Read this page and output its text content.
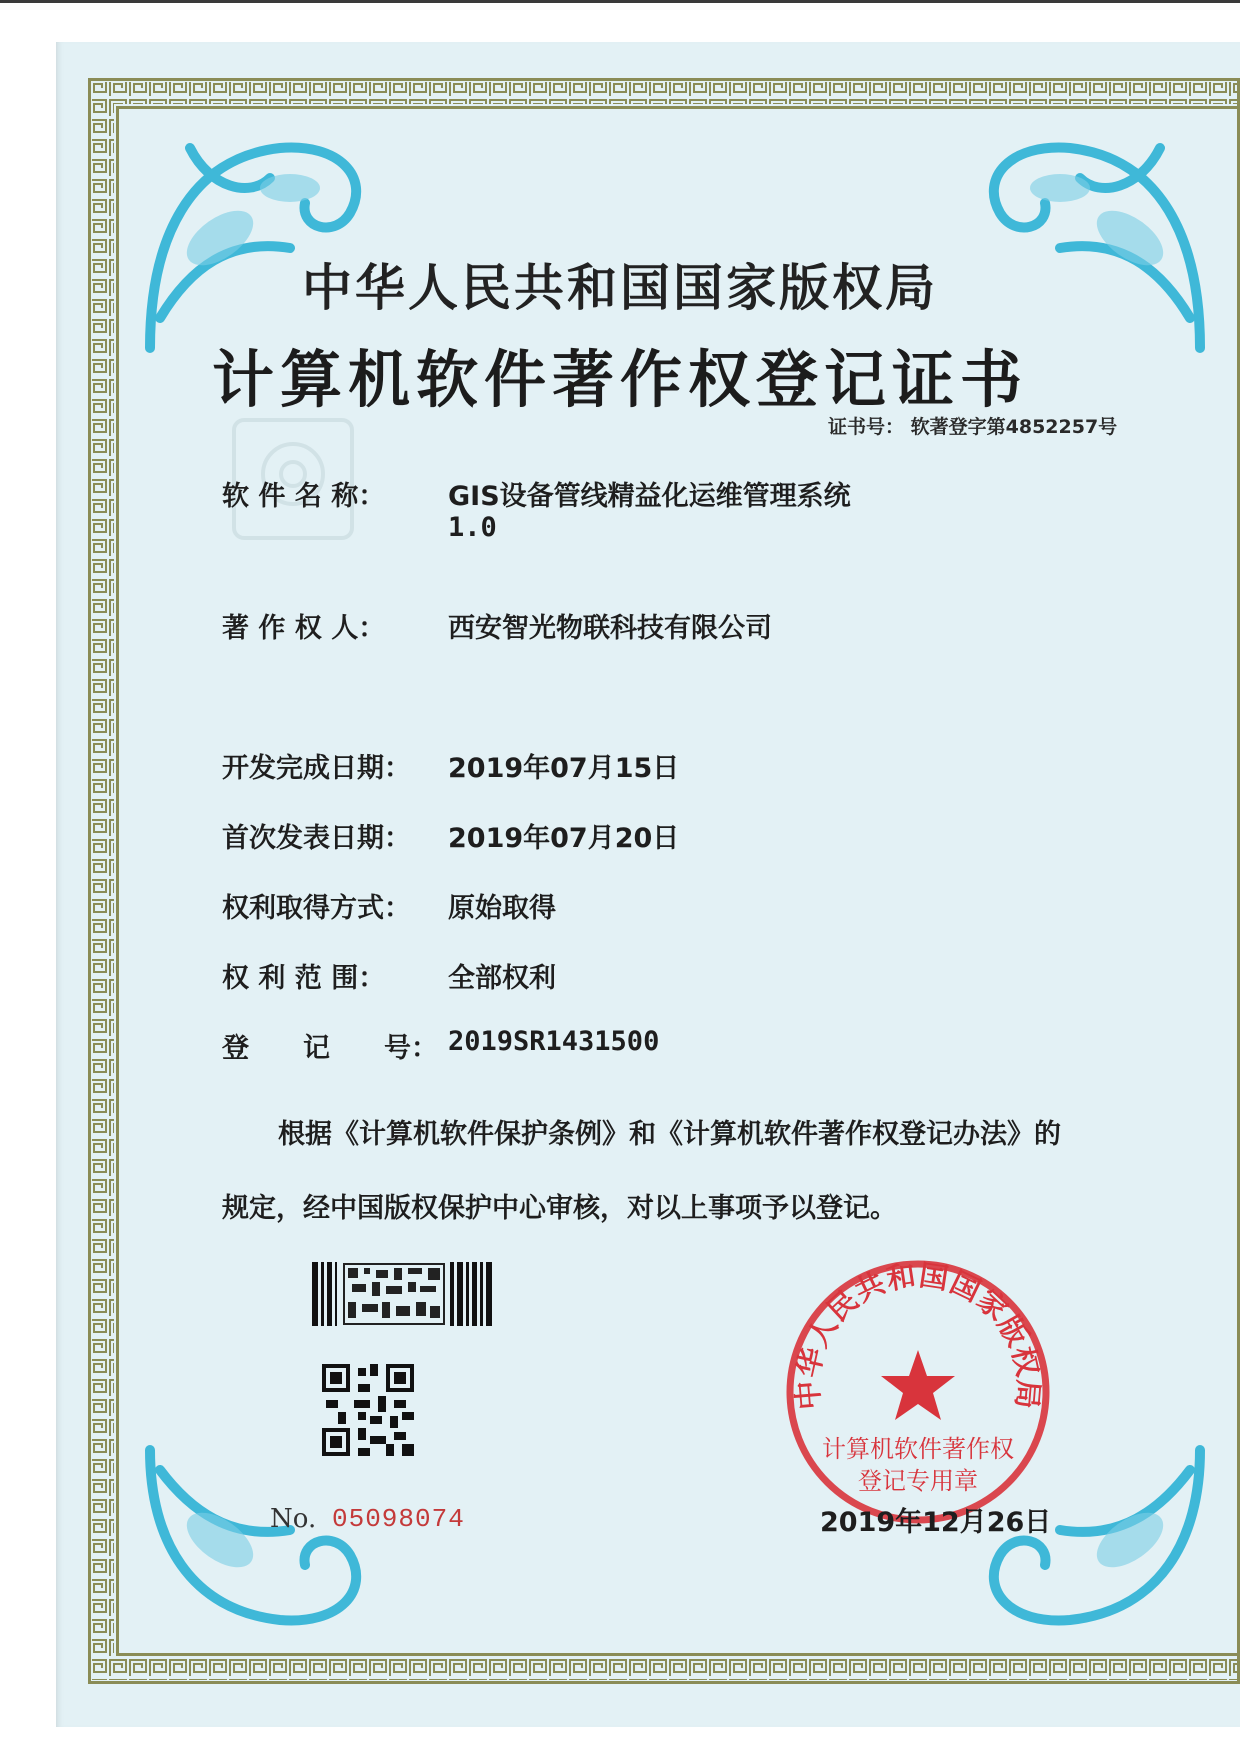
中华人民共和国国家版权局
计算机软件著作权登记证书
证书号： 软著登字第4852257号
软 件 名 称： GIS设备管线精益化运维管理系统
1.0
著 作 权 人： 西安智光物联科技有限公司
开发完成日期： 2019年07月15日
首次发表日期： 2019年07月20日
权利取得方式： 原始取得
权 利 范 围： 全部权利
登　　记　　号： 2019SR1431500
根据《计算机软件保护条例》和《计算机软件著作权登记办法》的
规定，经中国版权保护中心审核，对以上事项予以登记。
No. 05098074
中华人民共和国国家版权局
计算机软件著作权
登记专用章
2019年12月26日
